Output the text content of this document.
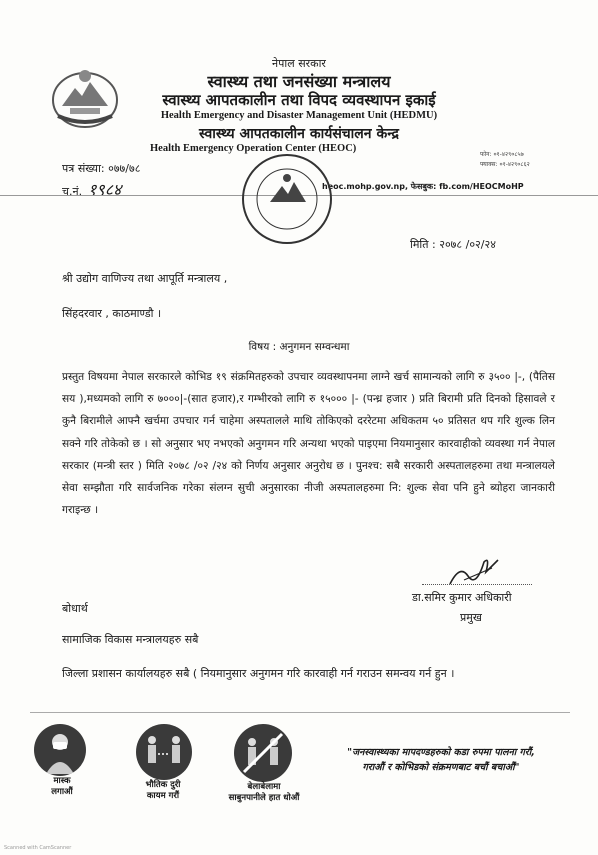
नेपाल सरकार
स्वास्थ्य तथा जनसंख्या मन्त्रालय
स्वास्थ्य आपतकालीन तथा विपद व्यवस्थापन इकाई
Health Emergency and Disaster Management Unit (HEDMU)
स्वास्थ्य आपतकालीन कार्यसंचालन केन्द्र
Health Emergency Operation Center (HEOC)
फोन: ०१-४२९०८५७
फ्याक्स: ०१-४२९०८६२
पत्र संख्या: ०७७/७८
च.नं. १९८४	heoc.mohp.gov.np, फेसबुक: fb.com/HEOCMoHP
मिति : २०७८ /०२/२४
श्री उद्योग वाणिज्य तथा आपूर्ति मन्त्रालय ,
सिंहदरवार , काठमाण्डौ ।
विषय : अनुगमन सम्वन्धमा
प्रस्तुत विषयमा नेपाल सरकारले कोभिड १९ संक्रमितहरुको उपचार व्यवस्थापनमा लाग्ने खर्च सामान्यको लागि रु ३५०० |-, (पैतिस सय ),मध्यमको लागि रु ७०००|-(सात हजार),र गम्भीरको लागि रु १५००० |- (पन्ध्र हजार ) प्रति बिरामी प्रति दिनको हिसावले र कुनै बिरामीले आफ्नै खर्चमा उपचार गर्न चाहेमा अस्पतालले माथि तोकिएको दररेटमा अधिकतम ५० प्रतिसत थप गरि शुल्क लिन सक्ने गरि तोकेको छ । सो अनुसार भए नभएको अनुगमन गरि अन्यथा भएको पाइएमा नियमानुसार कारवाहीको व्यवस्था गर्न नेपाल सरकार (मन्त्री स्तर ) मिति २०७८ /०२ /२४ को निर्णय अनुसार अनुरोध छ । पुनश्च: सबै सरकारी अस्पतालहरुमा तथा मन्त्रालयले सेवा सम्झौता गरि सार्वजनिक गरेका संलग्न सुची अनुसारका नीजी अस्पतालहरुमा नि: शुल्क सेवा पनि हुने ब्योहरा जानकारी गराइन्छ ।
डा.समिर कुमार अधिकारी
प्रमुख
बोधार्थ
सामाजिक विकास मन्त्रालयहरु सबै
जिल्ला प्रशासन कार्यालयहरु सबै ( नियमानुसार अनुगमन गरि कारवाही गर्न गराउन समन्वय गर्न हुन ।
मास्क
लगाऔं
भौतिक दुरी
कायम गरौं
बेलाबेलामा
साबुनपानीले हात धोऔं
"जनस्वास्थ्यका मापदण्डहरुको कडा रुपमा पालना गरौं,
गराऔं र कोभिडको संक्रमणबाट बचौं बचाऔं"
Scanned with CamScanner
